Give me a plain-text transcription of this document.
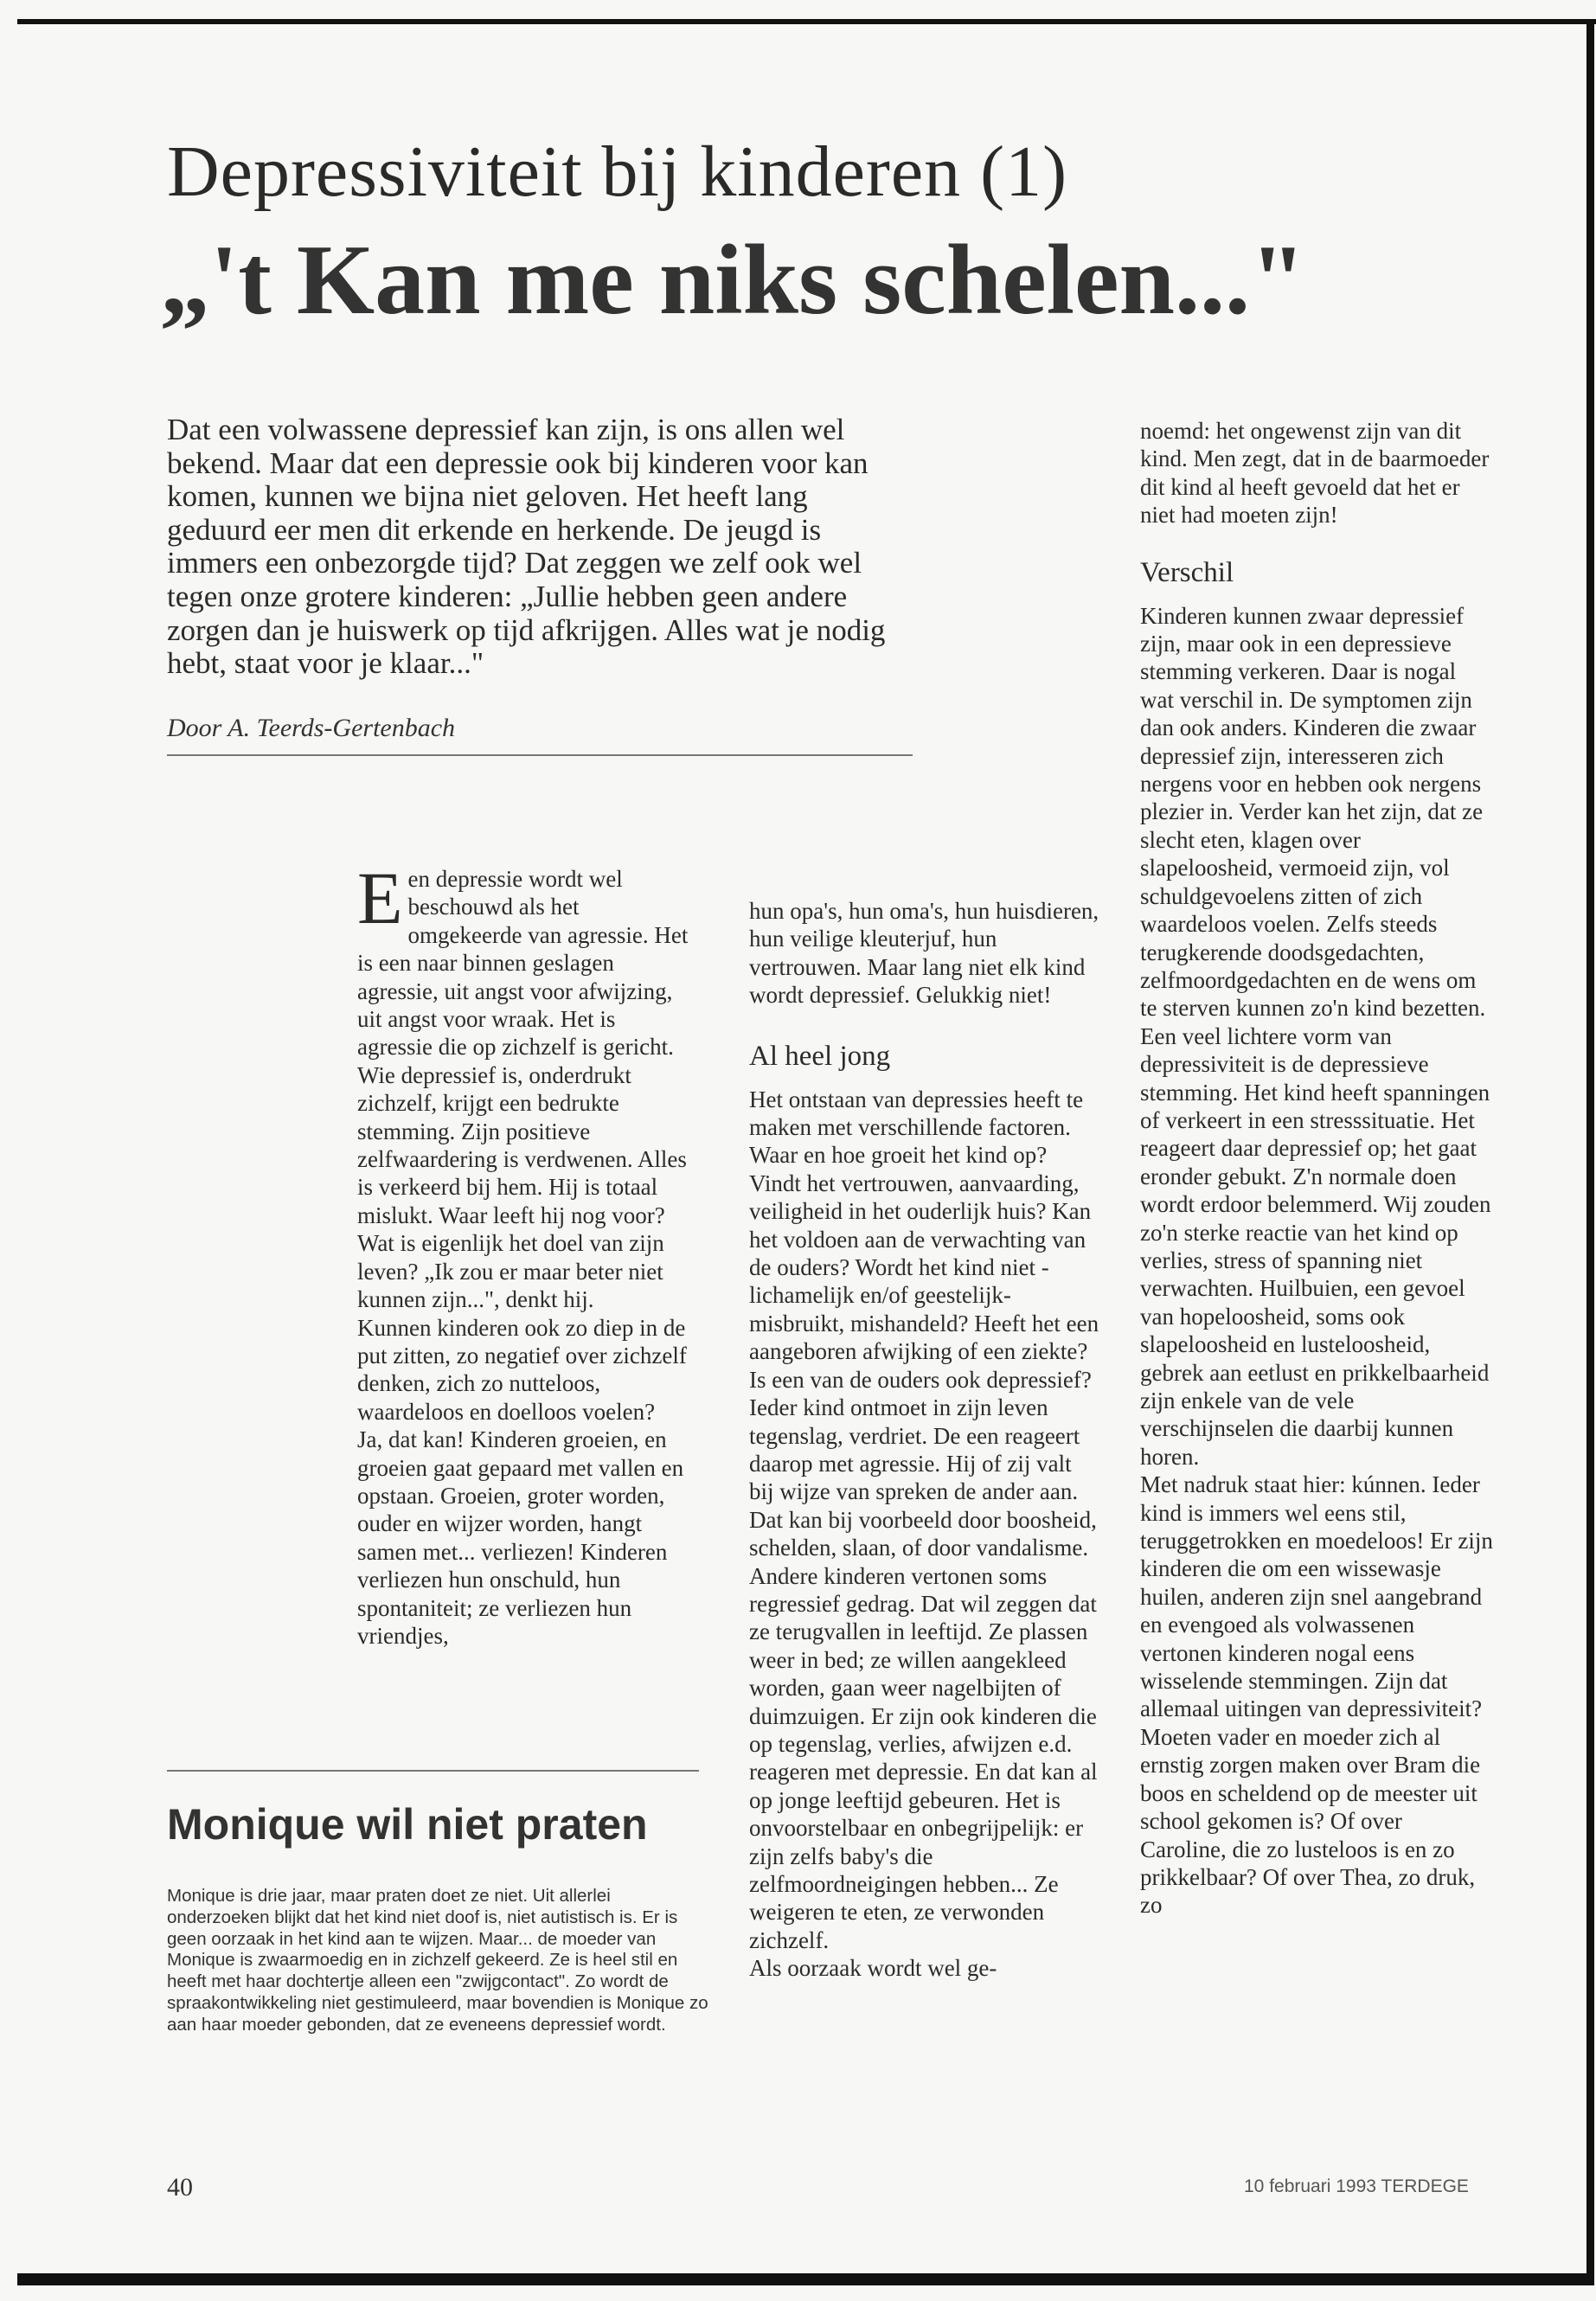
Depressiviteit bij kinderen (1)
„'t Kan me niks schelen..."

Dat een volwassene depressief kan zijn, is ons allen wel bekend. Maar dat een depressie ook bij kinderen voor kan komen, kunnen we bijna niet geloven. Het heeft lang geduurd eer men dit erkende en herkende. De jeugd is immers een onbezorgde tijd? Dat zeggen we zelf ook wel tegen onze grotere kinderen: „Jullie hebben geen andere zorgen dan je huiswerk op tijd afkrijgen. Alles wat je nodig hebt, staat voor je klaar..."

Door A. Teerds-Gertenbach

Een depressie wordt wel beschouwd als het omgekeerde van agressie. Het is een naar binnen geslagen agressie, uit angst voor afwijzing, uit angst voor wraak. Het is agressie die op zichzelf is gericht. Wie depressief is, onderdrukt zichzelf, krijgt een bedrukte stemming. Zijn positieve zelfwaardering is verdwenen. Alles is verkeerd bij hem. Hij is totaal mislukt. Waar leeft hij nog voor? Wat is eigenlijk het doel van zijn leven? „Ik zou er maar beter niet kunnen zijn...", denkt hij.

Kunnen kinderen ook zo diep in de put zitten, zo negatief over zichzelf denken, zich zo nutteloos, waardeloos en doelloos voelen?

Ja, dat kan! Kinderen groeien, en groeien gaat gepaard met vallen en opstaan. Groeien, groter worden, ouder en wijzer worden, hangt samen met... verliezen! Kinderen verliezen hun onschuld, hun spontaniteit; ze verliezen hun vriendjes,

hun opa's, hun oma's, hun huisdieren, hun veilige kleuterjuf, hun vertrouwen. Maar lang niet elk kind wordt depressief. Gelukkig niet!

Al heel jong

Het ontstaan van depressies heeft te maken met verschillende factoren. Waar en hoe groeit het kind op? Vindt het vertrouwen, aanvaarding, veiligheid in het ouderlijk huis? Kan het voldoen aan de verwachting van de ouders? Wordt het kind niet -lichamelijk en/of geestelijk- misbruikt, mishandeld? Heeft het een aangeboren afwijking of een ziekte? Is een van de ouders ook depressief?

Ieder kind ontmoet in zijn leven tegenslag, verdriet. De een reageert daarop met agressie. Hij of zij valt bij wijze van spreken de ander aan. Dat kan bij voorbeeld door boosheid, schelden, slaan, of door vandalisme. Andere kinderen vertonen soms regressief gedrag. Dat wil zeggen dat ze terugvallen in leeftijd. Ze plassen weer in bed; ze willen aangekleed worden, gaan weer nagelbijten of duimzuigen. Er zijn ook kinderen die op tegenslag, verlies, afwijzen e.d. reageren met depressie. En dat kan al op jonge leeftijd gebeuren. Het is onvoorstelbaar en onbegrijpelijk: er zijn zelfs baby's die zelfmoordneigingen hebben... Ze weigeren te eten, ze verwonden zichzelf.

Als oorzaak wordt wel ge-

noemd: het ongewenst zijn van dit kind. Men zegt, dat in de baarmoeder dit kind al heeft gevoeld dat het er niet had moeten zijn!

Verschil

Kinderen kunnen zwaar depressief zijn, maar ook in een depressieve stemming verkeren. Daar is nogal wat verschil in. De symptomen zijn dan ook anders. Kinderen die zwaar depressief zijn, interesseren zich nergens voor en hebben ook nergens plezier in. Verder kan het zijn, dat ze slecht eten, klagen over slapeloosheid, vermoeid zijn, vol schuldgevoelens zitten of zich waardeloos voelen. Zelfs steeds terugkerende doodsgedachten, zelfmoordgedachten en de wens om te sterven kunnen zo'n kind bezetten.

Een veel lichtere vorm van depressiviteit is de depressieve stemming. Het kind heeft spanningen of verkeert in een stresssituatie. Het reageert daar depressief op; het gaat eronder gebukt. Z'n normale doen wordt erdoor belemmerd. Wij zouden zo'n sterke reactie van het kind op verlies, stress of spanning niet verwachten. Huilbuien, een gevoel van hopeloosheid, soms ook slapeloosheid en lusteloosheid, gebrek aan eetlust en prikkelbaarheid zijn enkele van de vele verschijnselen die daarbij kunnen horen.

Met nadruk staat hier: kúnnen. Ieder kind is immers wel eens stil, teruggetrokken en moedeloos! Er zijn kinderen die om een wissewasje huilen, anderen zijn snel aangebrand en evengoed als volwassenen vertonen kinderen nogal eens wisselende stemmingen. Zijn dat allemaal uitingen van depressiviteit? Moeten vader en moeder zich al ernstig zorgen maken over Bram die boos en scheldend op de meester uit school gekomen is? Of over Caroline, die zo lusteloos is en zo prikkelbaar? Of over Thea, zo druk, zo

Monique wil niet praten

Monique is drie jaar, maar praten doet ze niet. Uit allerlei onderzoeken blijkt dat het kind niet doof is, niet autistisch is. Er is geen oorzaak in het kind aan te wijzen. Maar... de moeder van Monique is zwaarmoedig en in zichzelf gekeerd. Ze is heel stil en heeft met haar dochtertje alleen een "zwijgcontact". Zo wordt de spraakontwikkeling niet gestimuleerd, maar bovendien is Monique zo aan haar moeder gebonden, dat ze eveneens depressief wordt.

40	10 februari 1993 TERDEGE
